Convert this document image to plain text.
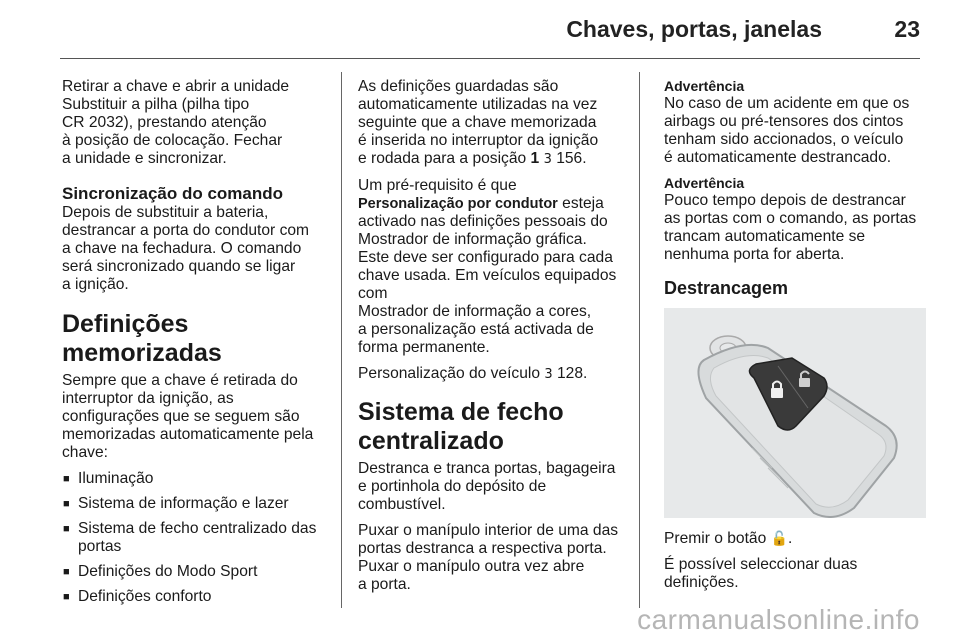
Chaves, portas, janelas	23

Retirar a chave e abrir a unidade
Substituir a pilha (pilha tipo
CR 2032), prestando atenção
à posição de colocação. Fechar
a unidade e sincronizar.

Sincronização do comando

Depois de substituir a bateria,
destrancar a porta do condutor com
a chave na fechadura. O comando
será sincronizado quando se ligar
a ignição.

Definições memorizadas

Sempre que a chave é retirada do
interruptor da ignição, as
configurações que se seguem são
memorizadas automaticamente pela
chave:

■ Iluminação
■ Sistema de informação e lazer
■ Sistema de fecho centralizado das portas
■ Definições do Modo Sport
■ Definições conforto

As definições guardadas são
automaticamente utilizadas na vez
seguinte que a chave memorizada
é inserida no interruptor da ignição
e rodada para a posição 1 3 156.

Um pré-requisito é que
Personalização por condutor esteja
activado nas definições pessoais do
Mostrador de informação gráfica.
Este deve ser configurado para cada
chave usada. Em veículos equipados
com
Mostrador de informação a cores,
a personalização está activada de
forma permanente.

Personalização do veículo 3 128.

Sistema de fecho centralizado

Destranca e tranca portas, bagageira
e portinhola do depósito de
combustível.

Puxar o manípulo interior de uma das
portas destranca a respectiva porta.
Puxar o manípulo outra vez abre
a porta.

Advertência
No caso de um acidente em que os
airbags ou pré-tensores dos cintos
tenham sido accionados, o veículo
é automaticamente destrancado.
Advertência
Pouco tempo depois de destrancar
as portas com o comando, as portas
trancam automaticamente se
nenhuma porta for aberta.
Destrancagem

Premir o botão 🔓.

É possível seleccionar duas
definições.

carmanualsonline.info
